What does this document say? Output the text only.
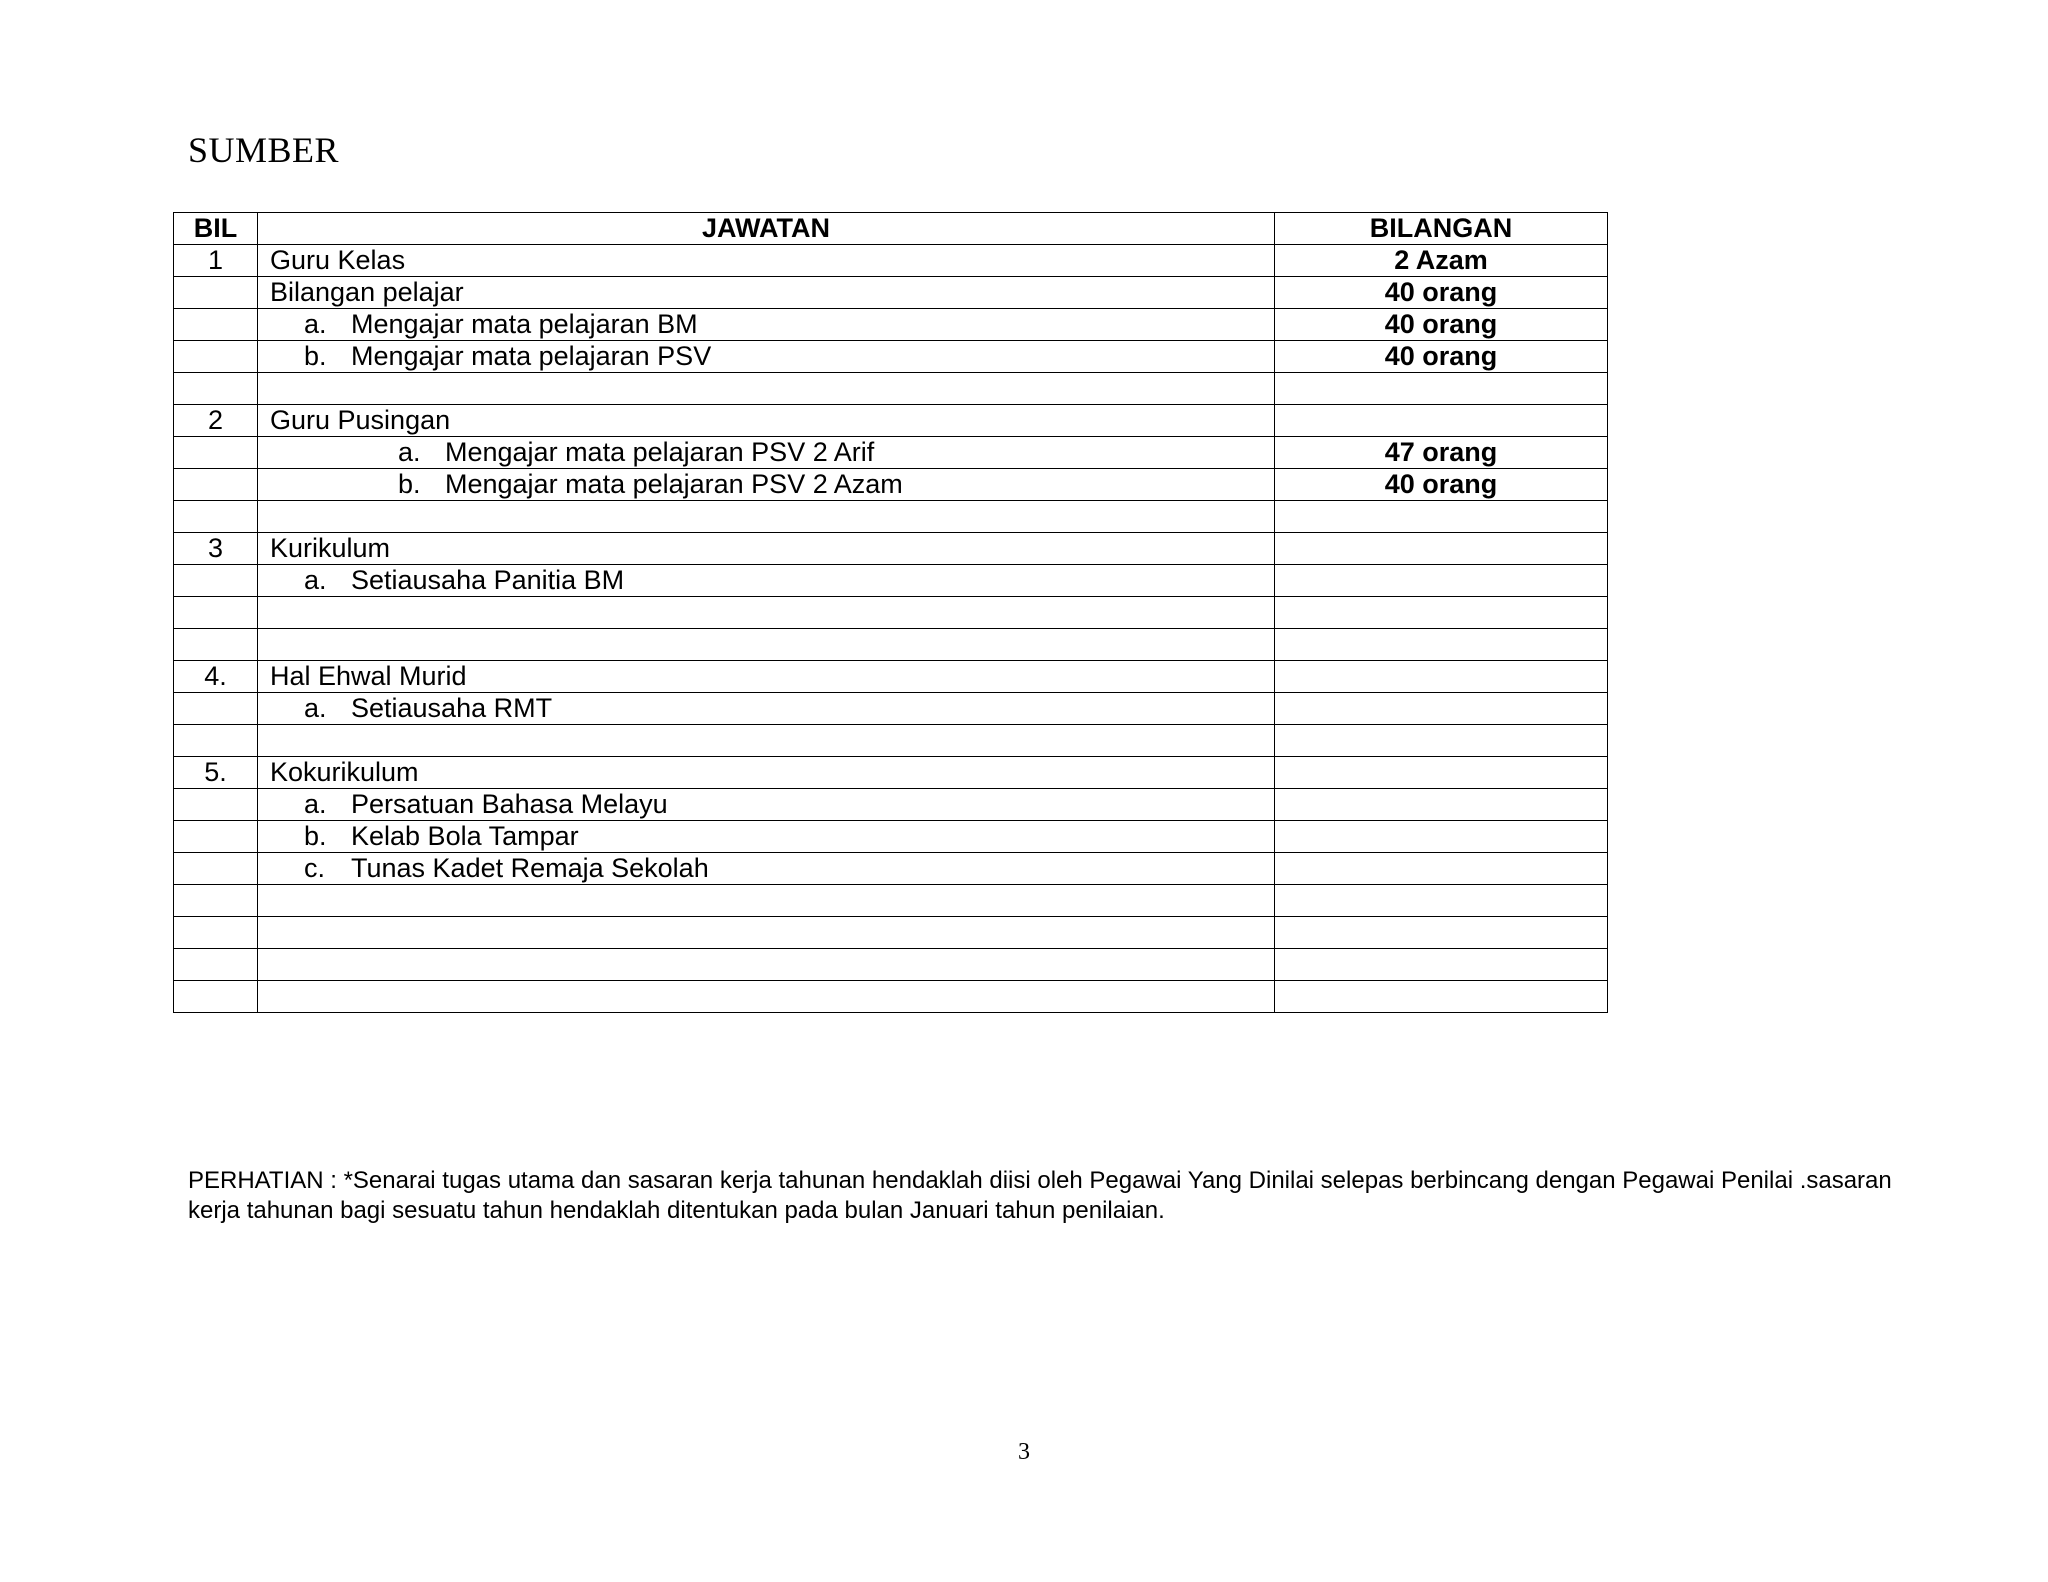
SUMBER
BIL	JAWATAN	BILANGAN
1	Guru Kelas	2 Azam
	Bilangan pelajar	40 orang
	a. Mengajar mata pelajaran BM	40 orang
	b. Mengajar mata pelajaran PSV	40 orang

2	Guru Pusingan	
	a. Mengajar mata pelajaran PSV 2 Arif	47 orang
	b. Mengajar mata pelajaran PSV 2 Azam	40 orang

3	Kurikulum	
	a. Setiausaha Panitia BM	

4.	Hal Ehwal Murid	
	a. Setiausaha RMT	

5.	Kokurikulum	
	a. Persatuan Bahasa Melayu	
	b. Kelab Bola Tampar	
	c. Tunas Kadet Remaja Sekolah	

PERHATIAN : *Senarai tugas utama dan sasaran kerja tahunan hendaklah diisi oleh Pegawai Yang Dinilai selepas berbincang dengan Pegawai Penilai .sasaran kerja tahunan bagi sesuatu tahun hendaklah ditentukan pada bulan Januari tahun penilaian.
3
